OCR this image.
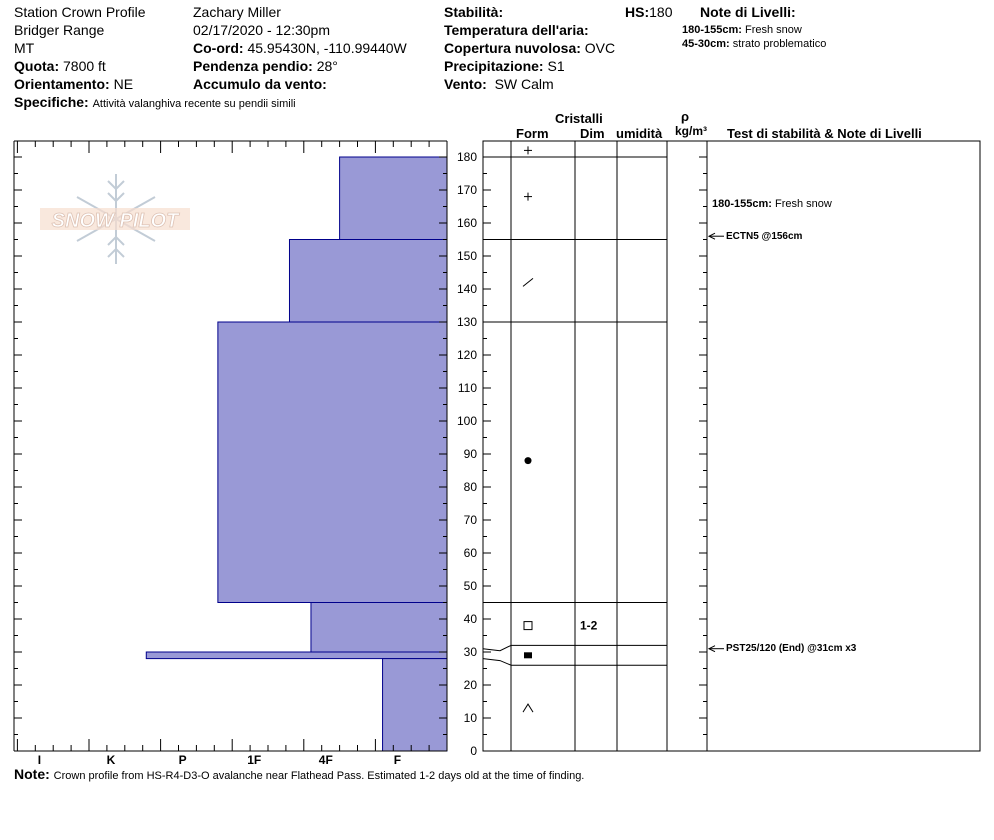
Station Crown Profile
Bridger Range
MT
Quota: 7800 ft
Orientamento: NE
Specifiche: Attività valanghiva recente su pendii simili
Zachary Miller
02/17/2020 - 12:30pm
Co-ord: 45.95430N, -110.99440W
Pendenza pendio: 28°
Accumulo da vento:
Stabilità:
Temperatura dell'aria:
Copertura nuvolosa: OVC
Precipitazione: S1
Vento: SW Calm
HS:180 Note di Livelli:
180-155cm: Fresh snow
45-30cm: strato problematico
Cristalli
Form Dim umidità
ρ
kg/m³ Test di stabilità & Note di Livelli
180-155cm: Fresh snow
ECTN5 @156cm
PST25/120 (End) @31cm x3
Note: Crown profile from HS-R4-D3-O avalanche near Flathead Pass. Estimated 1-2 days old at the time of finding.
SNOW PILOT
F
4F
1F
P
K
I
0
10
20
30
40
50
60
70
80
90
100
110
120
130
140
150
160
170
180
1-2
